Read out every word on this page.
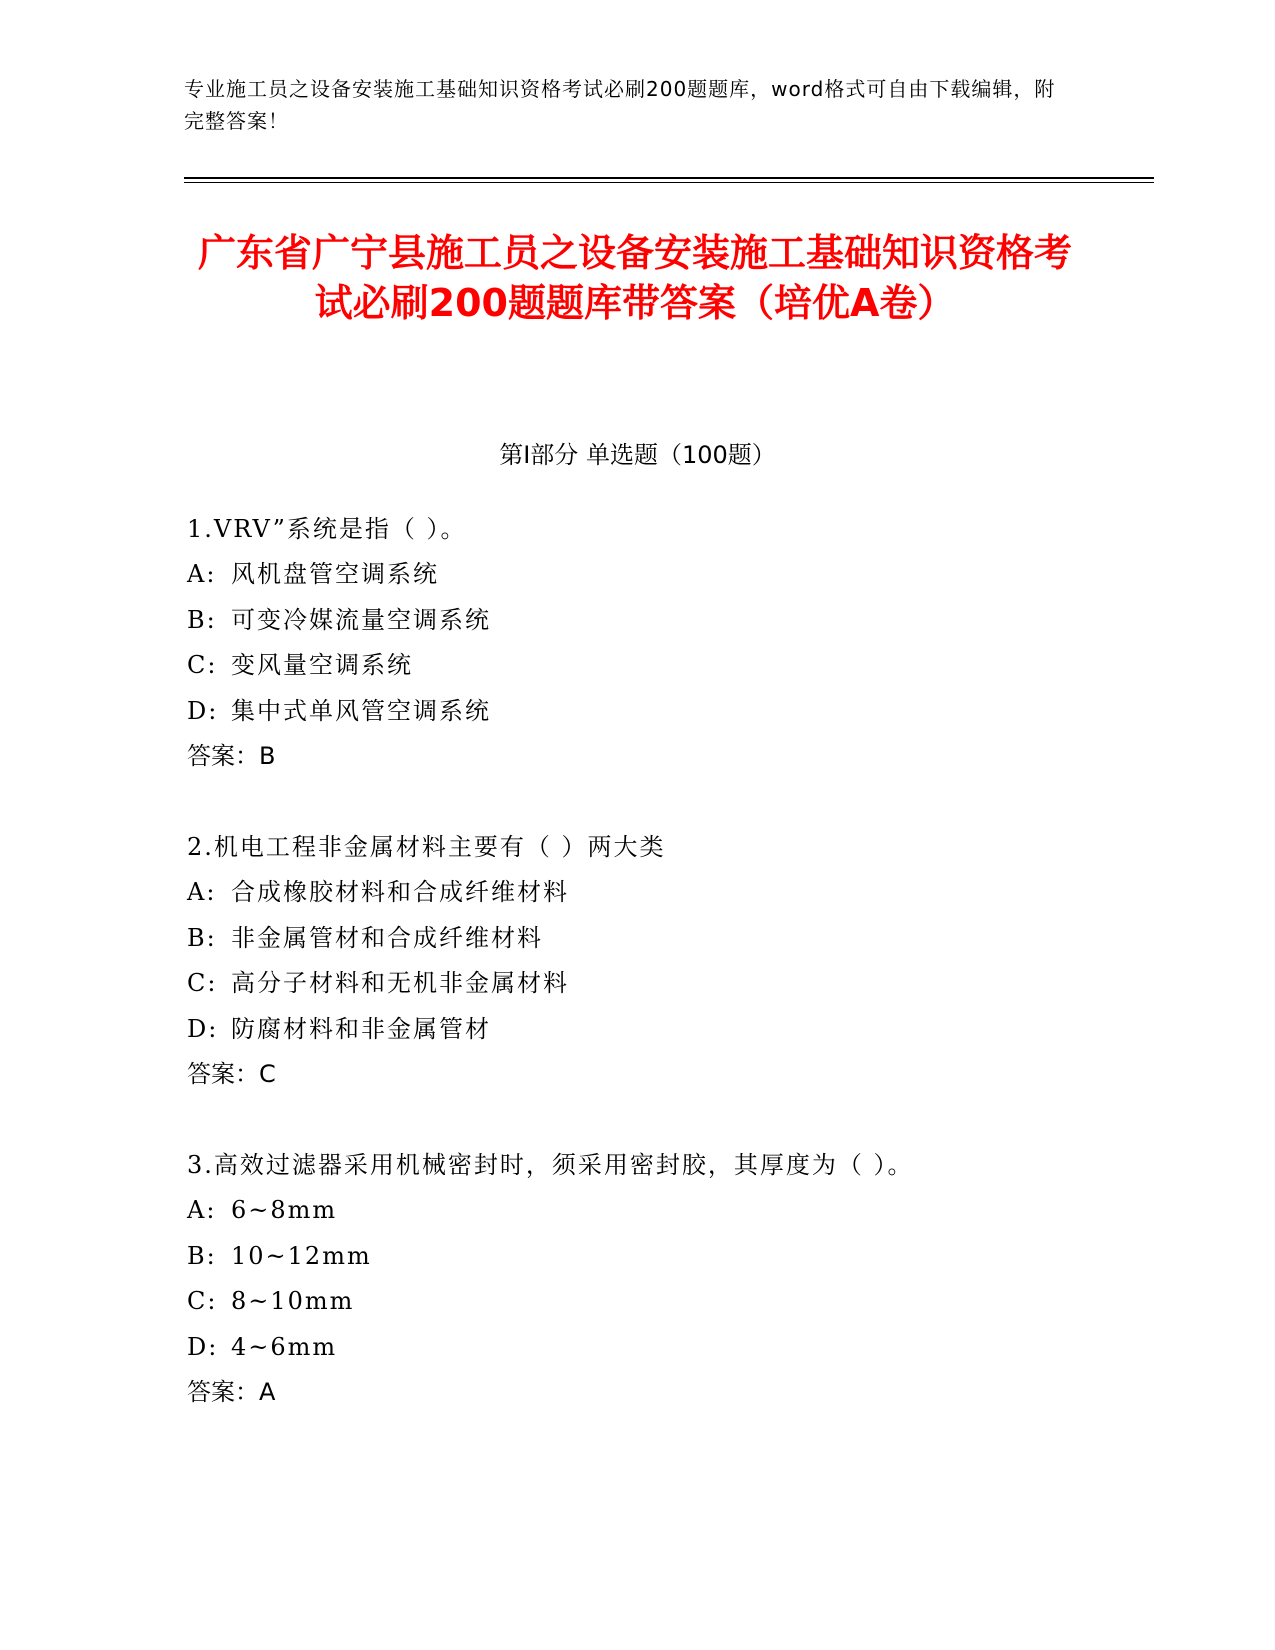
专业施工员之设备安装施工基础知识资格考试必刷200题题库，word格式可自由下载编辑，附完整答案！
广东省广宁县施工员之设备安装施工基础知识资格考试必刷200题题库带答案（培优A卷）
第Ⅰ部分 单选题（100题）
1.VRV”系统是指（ ）。
A: 风机盘管空调系统
B: 可变冷媒流量空调系统
C: 变风量空调系统
D: 集中式单风管空调系统
答案：B
2.机电工程非金属材料主要有（ ）两大类
A: 合成橡胶材料和合成纤维材料
B: 非金属管材和合成纤维材料
C: 高分子材料和无机非金属材料
D: 防腐材料和非金属管材
答案：C
3.高效过滤器采用机械密封时，须采用密封胶，其厚度为（ ）。
A: 6~8mm
B: 10~12mm
C: 8~10mm
D: 4~6mm
答案：A
